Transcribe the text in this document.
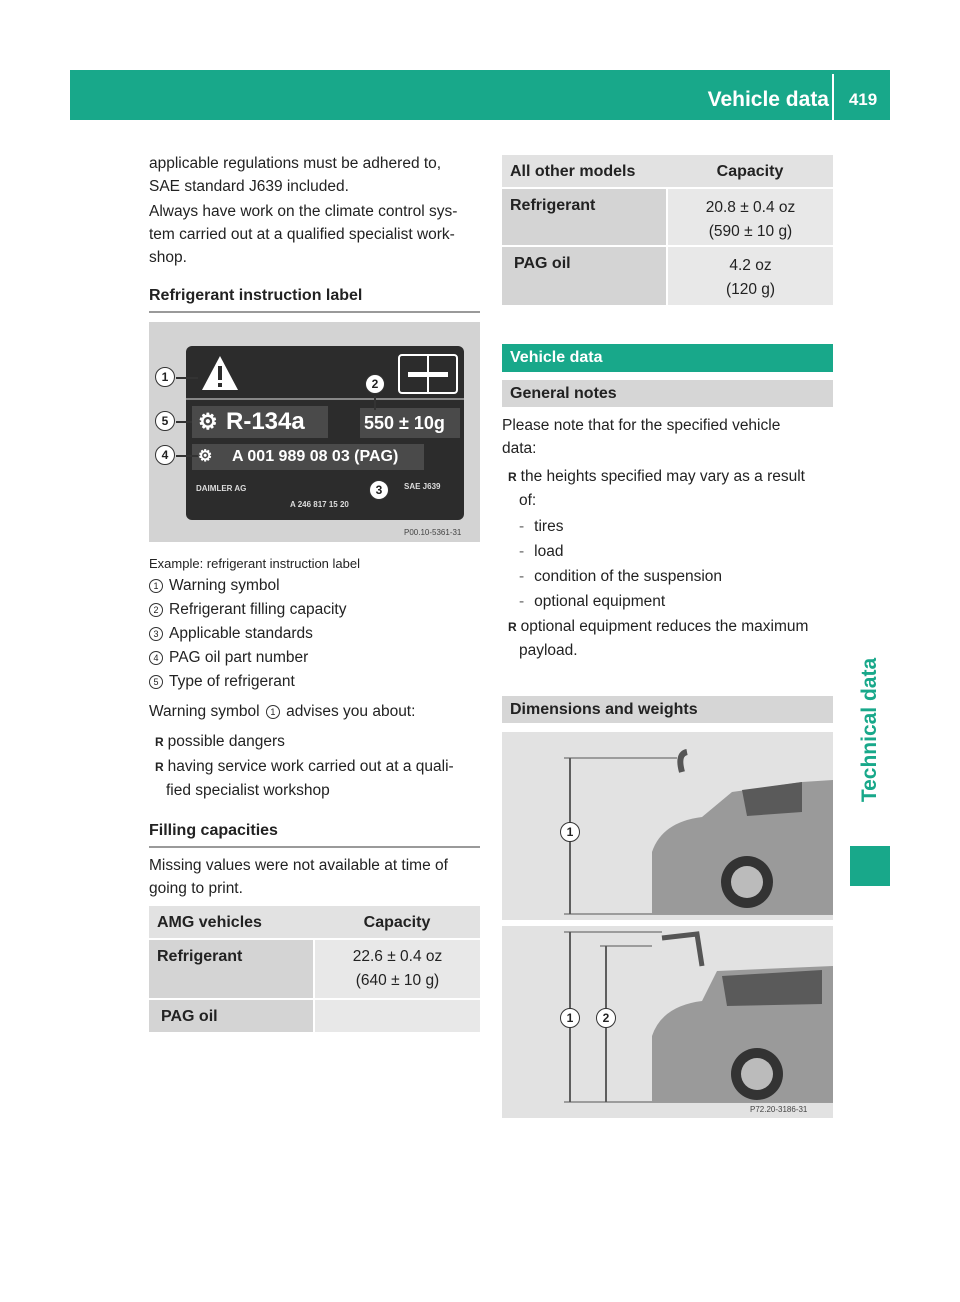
Vehicle data	419
Technical data

applicable regulations must be adhered to,

SAE standard J639 included.

Always have work on the climate control sys-

tem carried out at a qualified specialist work-

shop.

Refrigerant instruction label
⚙ R-134a	550 ± 10g
⚙ A 001 989 08 03 (PAG)
DAIMLER AG
A 246 817 15 20
SAE J639
1
5
4
2
3
P00.10-5361-31
Example: refrigerant instruction label

1 Warning symbol

2 Refrigerant filling capacity

3 Applicable standards

4 PAG oil part number

5 Type of refrigerant

Warning symbol 1 advises you about:

R possible dangers

R having service work carried out at a quali-

fied specialist workshop

Filling capacities

Missing values were not available at time of

going to print.

AMG vehicles	Capacity
Refrigerant	22.6 ± 0.4 oz
(640 ± 10 g)
PAG oil
All other models	Capacity
Refrigerant	20.8 ± 0.4 oz
(590 ± 10 g)
PAG oil	4.2 oz
(120 g)
Vehicle data
General notes

Please note that for the specified vehicle

data:

R the heights specified may vary as a result

of:

- tires

- load

- condition of the suspension

- optional equipment

R optional equipment reduces the maximum

payload.

Dimensions and weights
1
1	2
P72.20-3186-31
